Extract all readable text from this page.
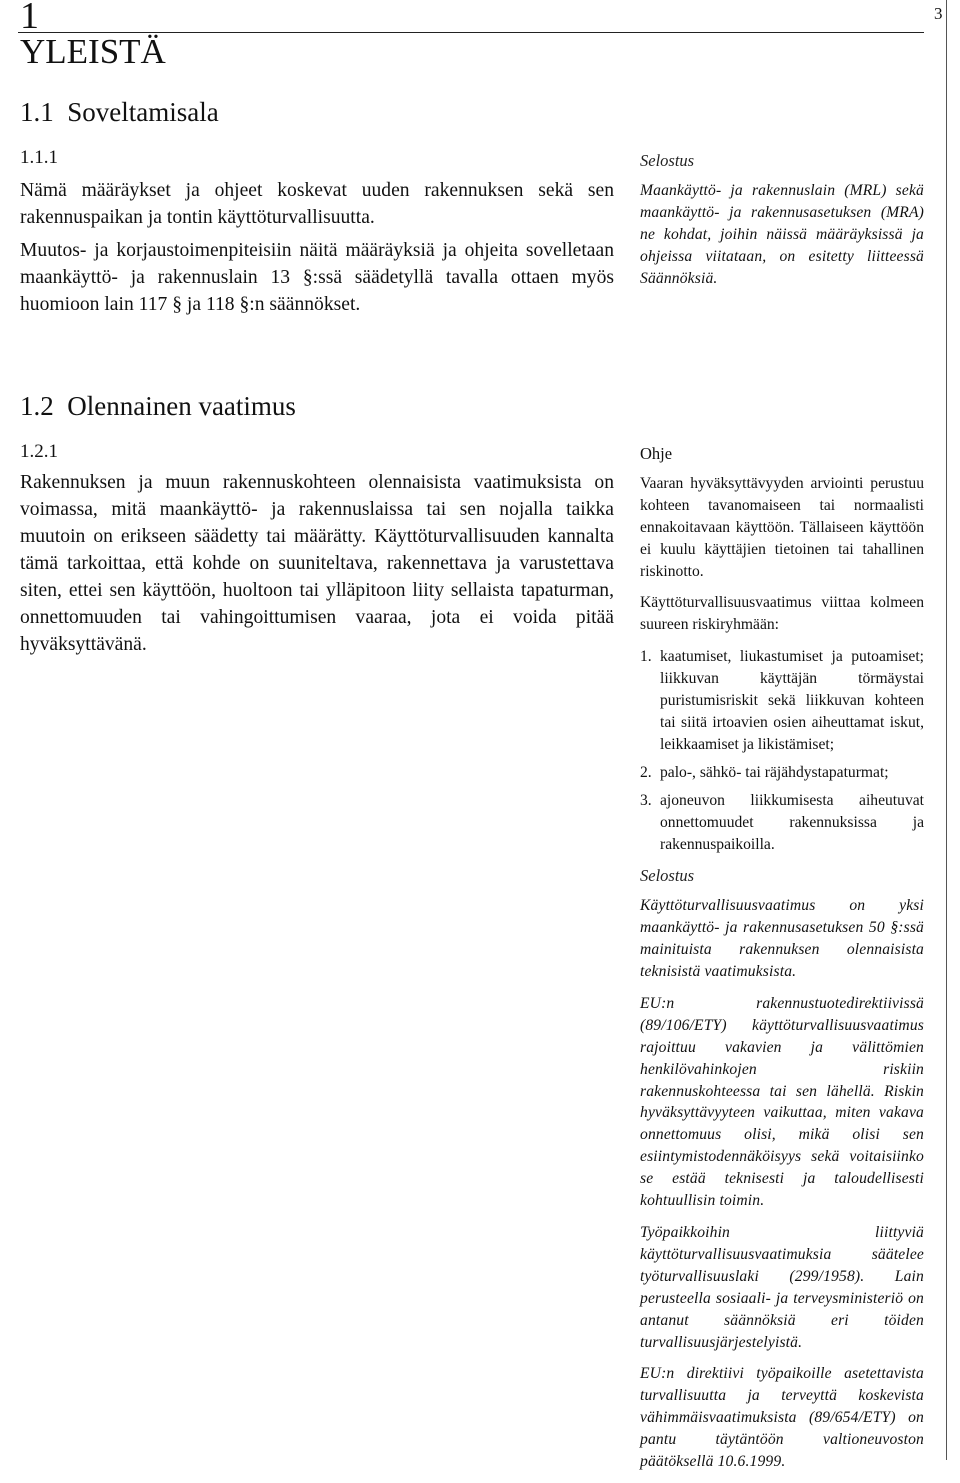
3
1
YLEISTÄ
1.1  Soveltamisala
1.1.1

Nämä määräykset ja ohjeet koskevat uuden rakennuksen sekä sen rakennuspaikan ja tontin käyttöturvallisuutta.

Muutos- ja korjaustoimenpiteisiin näitä määräyksiä ja ohjeita sovelletaan maankäyttö- ja rakennuslain 13 §:ssä säädetyllä tavalla ottaen myös huomioon lain 117 § ja 118 §:n säännökset.

Selostus

Maankäyttö- ja rakennuslain (MRL) sekä maankäyttö- ja rakennusasetuksen (MRA) ne kohdat, joihin näissä määräyksissä ja ohjeissa viitataan, on esitetty liitteessä Säännöksiä.

1.2  Olennainen vaatimus
1.2.1

Rakennuksen ja muun rakennuskohteen olennaisista vaatimuksista on voimassa, mitä maankäyttö- ja rakennuslaissa tai sen nojalla taikka muutoin on erikseen säädetty tai määrätty. Käyttöturvallisuuden kannalta tämä tarkoittaa, että kohde on suuniteltava, rakennettava ja varustettava siten, ettei sen käyttöön, huoltoon tai ylläpitoon liity sellaista tapaturman, onnettomuuden tai vahingoittumisen vaaraa, jota ei voida pitää hyväksyttävänä.

Ohje

Vaaran hyväksyttävyyden arviointi perustuu kohteen tavanomaiseen tai normaalisti ennakoitavaan käyttöön. Tällaiseen käyttöön ei kuulu käyttäjien tietoinen tai tahallinen riskinotto.

Käyttöturvallisuusvaatimus viittaa kolmeen suureen riskiryhmään:

1. kaatumiset, liukastumiset ja putoamiset; liikkuvan käyttäjän törmäystai puristumisriskit sekä liikkuvan kohteen tai siitä irtoavien osien aiheuttamat iskut, leikkaamiset ja likistämiset;
2. palo-, sähkö- tai räjähdystapaturmat;
3. ajoneuvon liikkumisesta aiheutuvat onnettomuudet rakennuksissa ja rakennuspaikoilla.

Selostus

Käyttöturvallisuusvaatimus on yksi maankäyttö- ja rakennusasetuksen 50 §:ssä mainituista rakennuksen olennaisista teknisistä vaatimuksista.

EU:n rakennustuotedirektiivissä (89/106/ETY) käyttöturvallisuusvaatimus rajoittuu vakavien ja välittömien henkilövahinkojen riskiin rakennuskohteessa tai sen lähellä. Riskin hyväksyttävyyteen vaikuttaa, miten vakava onnettomuus olisi, mikä olisi sen esiintymistodennäköisyys sekä voitaisiinko se estää teknisesti ja taloudellisesti kohtuullisin toimin.

Työpaikkoihin liittyviä käyttöturvallisuusvaatimuksia säätelee työturvallisuuslaki (299/1958). Lain perusteella sosiaali- ja terveysministeriö on antanut säännöksiä eri töiden turvallisuusjärjestelyistä.

EU:n direktiivi työpaikoille asetettavista turvallisuutta ja terveyttä koskevista vähimmäisvaatimuksista (89/654/ETY) on pantu täytäntöön valtioneuvoston päätöksellä 10.6.1999.
